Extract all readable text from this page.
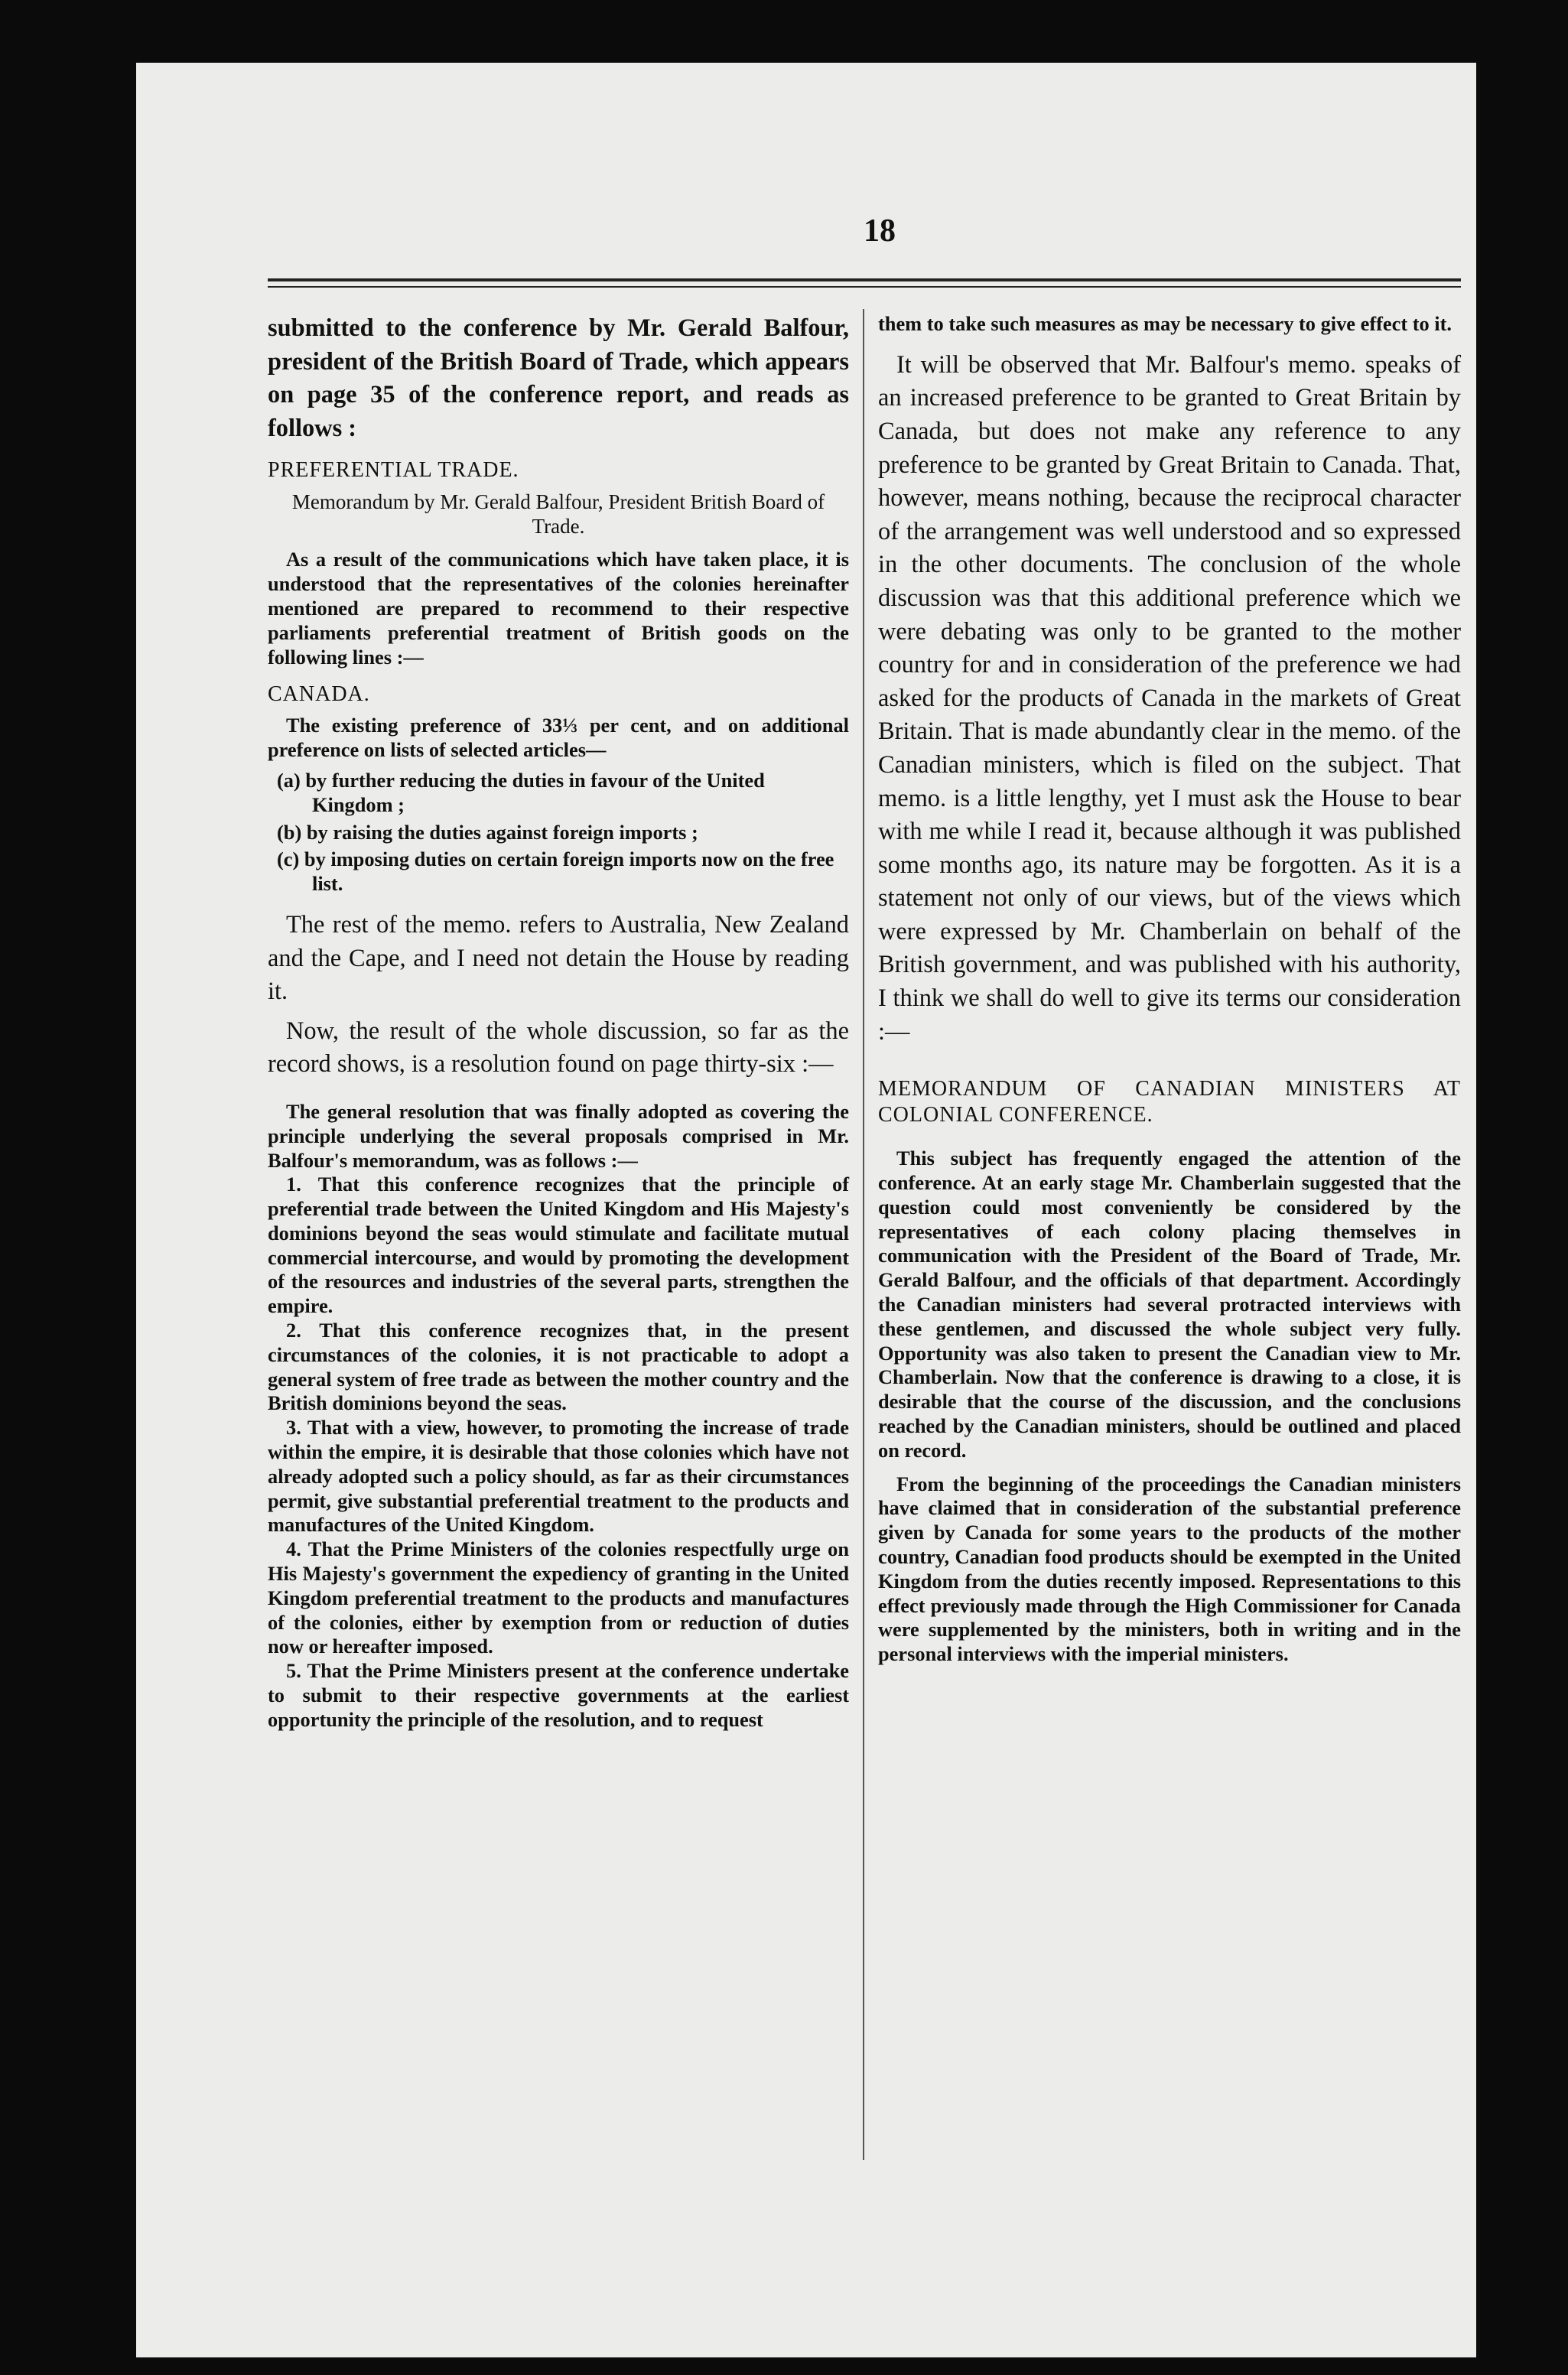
18

submitted to the conference by Mr. Gerald Balfour, president of the British Board of Trade, which appears on page 35 of the conference report, and reads as follows :

PREFERENTIAL TRADE.

Memorandum by Mr. Gerald Balfour, President British Board of Trade.

As a result of the communications which have taken place, it is understood that the representatives of the colonies hereinafter mentioned are prepared to recommend to their respective parliaments preferential treatment of British goods on the following lines :—

CANADA.

The existing preference of 33⅓ per cent, and on additional preference on lists of selected articles—

(a) by further reducing the duties in favour of the United Kingdom ;

(b) by raising the duties against foreign imports ;

(c) by imposing duties on certain foreign imports now on the free list.

The rest of the memo. refers to Australia, New Zealand and the Cape, and I need not detain the House by reading it.

Now, the result of the whole discussion, so far as the record shows, is a resolution found on page thirty-six :—

The general resolution that was finally adopted as covering the principle underlying the several proposals comprised in Mr. Balfour's memorandum, was as follows :—

1. That this conference recognizes that the principle of preferential trade between the United Kingdom and His Majesty's dominions beyond the seas would stimulate and facilitate mutual commercial intercourse, and would by promoting the development of the resources and industries of the several parts, strengthen the empire.

2. That this conference recognizes that, in the present circumstances of the colonies, it is not practicable to adopt a general system of free trade as between the mother country and the British dominions beyond the seas.

3. That with a view, however, to promoting the increase of trade within the empire, it is desirable that those colonies which have not already adopted such a policy should, as far as their circumstances permit, give substantial preferential treatment to the products and manufactures of the United Kingdom.

4. That the Prime Ministers of the colonies respectfully urge on His Majesty's government the expediency of granting in the United Kingdom preferential treatment to the products and manufactures of the colonies, either by exemption from or reduction of duties now or hereafter imposed.

5. That the Prime Ministers present at the conference undertake to submit to their respective governments at the earliest opportunity the principle of the resolution, and to request

them to take such measures as may be necessary to give effect to it.

It will be observed that Mr. Balfour's memo. speaks of an increased preference to be granted to Great Britain by Canada, but does not make any reference to any preference to be granted by Great Britain to Canada. That, however, means nothing, because the reciprocal character of the arrangement was well understood and so expressed in the other documents. The conclusion of the whole discussion was that this additional preference which we were debating was only to be granted to the mother country for and in consideration of the preference we had asked for the products of Canada in the markets of Great Britain. That is made abundantly clear in the memo. of the Canadian ministers, which is filed on the subject. That memo. is a little lengthy, yet I must ask the House to bear with me while I read it, because although it was published some months ago, its nature may be forgotten. As it is a statement not only of our views, but of the views which were expressed by Mr. Chamberlain on behalf of the British government, and was published with his authority, I think we shall do well to give its terms our consideration :—

MEMORANDUM OF CANADIAN MINISTERS AT COLONIAL CONFERENCE.

This subject has frequently engaged the attention of the conference. At an early stage Mr. Chamberlain suggested that the question could most conveniently be considered by the representatives of each colony placing themselves in communication with the President of the Board of Trade, Mr. Gerald Balfour, and the officials of that department. Accordingly the Canadian ministers had several protracted interviews with these gentlemen, and discussed the whole subject very fully. Opportunity was also taken to present the Canadian view to Mr. Chamberlain. Now that the conference is drawing to a close, it is desirable that the course of the discussion, and the conclusions reached by the Canadian ministers, should be outlined and placed on record.

From the beginning of the proceedings the Canadian ministers have claimed that in consideration of the substantial preference given by Canada for some years to the products of the mother country, Canadian food products should be exempted in the United Kingdom from the duties recently imposed. Representations to this effect previously made through the High Commissioner for Canada were supplemented by the ministers, both in writing and in the personal interviews with the imperial ministers.
